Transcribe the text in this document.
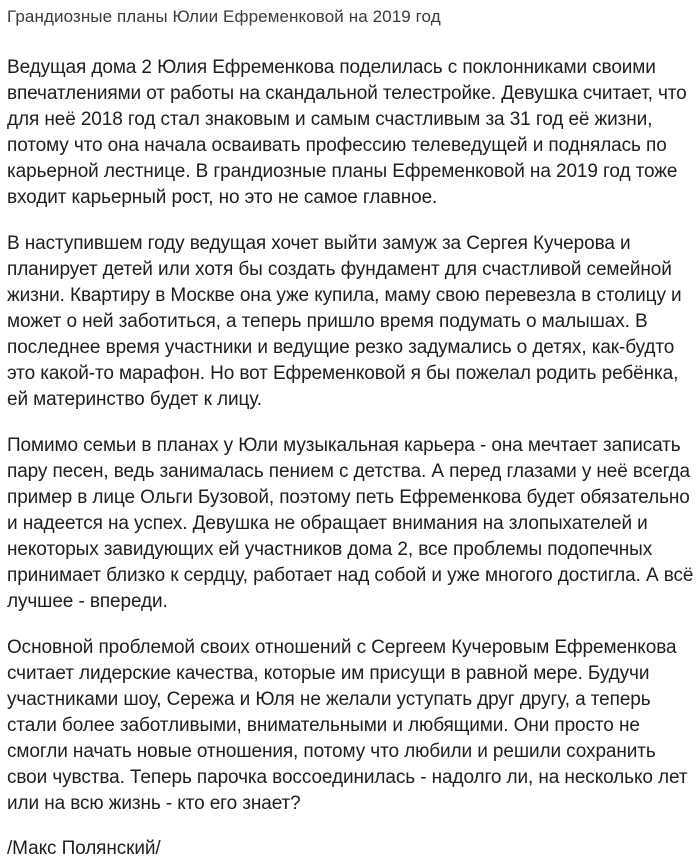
Грандиозные планы Юлии Ефременковой на 2019 год

Ведущая дома 2 Юлия Ефременкова поделилась с поклонниками своими впечатлениями от работы на скандальной телестройке. Девушка считает, что для неё 2018 год стал знаковым и самым счастливым за 31 год её жизни, потому что она начала осваивать профессию телеведущей и поднялась по карьерной лестнице. В грандиозные планы Ефременковой на 2019 год тоже входит карьерный рост, но это не самое главное.

В наступившем году ведущая хочет выйти замуж за Сергея Кучерова и планирует детей или хотя бы создать фундамент для счастливой семейной жизни. Квартиру в Москве она уже купила, маму свою перевезла в столицу и может о ней заботиться, а теперь пришло время подумать о малышах. В последнее время участники и ведущие резко задумались о детях, как-будто это какой-то марафон. Но вот Ефременковой я бы пожелал родить ребёнка, ей материнство будет к лицу.

Помимо семьи в планах у Юли музыкальная карьера - она мечтает записать пару песен, ведь занималась пением с детства. А перед глазами у неё всегда пример в лице Ольги Бузовой, поэтому петь Ефременкова будет обязательно и надеется на успех. Девушка не обращает внимания на злопыхателей и некоторых завидующих ей участников дома 2, все проблемы подопечных принимает близко к сердцу, работает над собой и уже многого достигла. А всё лучшее - впереди.

Основной проблемой своих отношений с Сергеем Кучеровым Ефременкова считает лидерские качества, которые им присущи в равной мере. Будучи участниками шоу, Сережа и Юля не желали уступать друг другу, а теперь стали более заботливыми, внимательными и любящими. Они просто не смогли начать новые отношения, потому что любили и решили сохранить свои чувства. Теперь парочка воссоединилась - надолго ли, на несколько лет или на всю жизнь - кто его знает?

/Макс Полянский/
